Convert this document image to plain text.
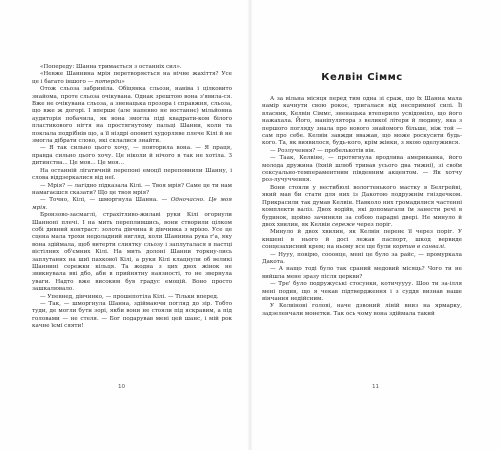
«Попереду: Шанна тримається з останніх сил».

«Невже Шаннина мрія перетворяється на нічне жахіття? Усе це і багато іншого — потерди»

Отож сльоза забриніла. Обіцянка сльози, навіва і цілковито знайома, проте сльоза очікувана. Однак зрештою вона з'явила-ся. Вже не очікувана сльоза, а зненацька прозора і справжня, сльоза, що вже ж догорі. І вперше (але напевно не востаннє) мільйонна аудиторія побачила, як вона змогла піді квадрати-ком білого пластикового нігтя на простягнутому пальці Шанни, коли та поклала подрібнів що, а її ніздрі оповиті худорляве плече Кілі й не змогла дібрати слово, які склалися знайти.

— Я так сильно цього хочу, — повторила вона. — Я праця, правда сильно цього хочу. Це ніколи й нічого в так не хотіла. З дитинства... Це мов... Це моя...

На останній лігатичній перепоні емоції переповнили Шанну, і слова віддзеркалися від неї.

— Мрія? — лагідно підказала Кілі. — Твоя мрія? Саме це ти нам намагаєшся сказати? Що це твоя мрія?

— Точно, Кілі, — шморгнула Шанна. — Одночасно. Це моя мрія.

Бронзово-засмаглі, страхітливо-жилаві руки Кілі огорнули Шанноні плечі. І на мить переплившись, вони створили цілком собі дивний контраст: золота дівчина й дівчинка з мрією. Усе це сцена мала трохи недоладний вигляд, коли Шаннина рука г'а, яку вона здіймала, щоб витерти слиятку сльозу і заплуталася в пастці вістілних об'ємних Кілі. На мить долоні Шанни торкну-лись заплутаних на шиї пахкової Кілі, а руки Кілі клацнули об великі Шаннині сережки кільця. Та жодна з цих двох жінок не звикнувала вві дбо, аби в прийнятну наязності, то не звернула уваги. Надто вже високим був градус емоцій. Воно просто зашкалювало.

— Упевнед, дівчинко, — прошепотіла Кілі. — Тільки вперед.

— Так, — шморгнула Шанна, здіймаючи погляд до зір. Тобто туди, де могли бути зорі, якби вони не стояли під яскравим, а під головами — не стеля. — Бог подарував мені цей шанс, і мій рок качне їємі сяяти!

10
Келвін Сіммс

А за вільна місяця перед тим одна зі сраж, що їх Шанна мала намір качнути свою рокоє, тригалася від неспримної силі. Її власник, Келвін Сіммс, зненацька втеперило усвідоміло, що його нажахала. Його, маніпулятора з великої літери й людину, яка з першого погляду знала про нового знайомого більше, ніж той — сам про себе. Келвін завжди вважав, що може роскусити будь-кого. Та, як виявилося, будь-кого, крім жінки, з якою оделужився.

— Розлучення? — пробелькотів він.

— Таак, Келвіне, — протягнула вродлива американка, його молода дружина (їхній шлюб тривав усього два тижні), зі своїм сексуально-темпераментним південним акцентом. — Як хотчу роз-лучуччення.

Вони стояли у вестибюлі вологтенького мастку в Белгрейві, який мав би стати для них із Дакотою подружнім гніздечком. Прикрасили так думав Келвін. Навколо них громадилися частенні комплекти валіз. Двох водійв, які допомагали їм занести речі в будинок, щойно зачинили за собою парадні двері. Не минуло й двох хвилин, як Келвін сереже через поріг.

Минуло й двох хвилин, як Келвін перенє її через поріг. У кишені в нього й досі лежав паспорт, шкод вервиде сонцезахисний крем; на ньому все ще були кортив в санвалі.

— Нууу, повірю, сооонце, мені це було за рaйс, — промуркала Дакота.

— А нащо тоді було так сраний медовий місяць? Чого ти не вийшла мене зразу після церкви?

— Тре' було подружуські стосунки, котичуууу. Шоо ти за-ілля мені подив, що я чекав підтвердження і з суддя визнав наше вінчання недійсним.

У Келвінові голові, наче дзвоний ліній вниз на ярмарку, задзеленчали монетки. Так ось чому вона здіймала такий

11
